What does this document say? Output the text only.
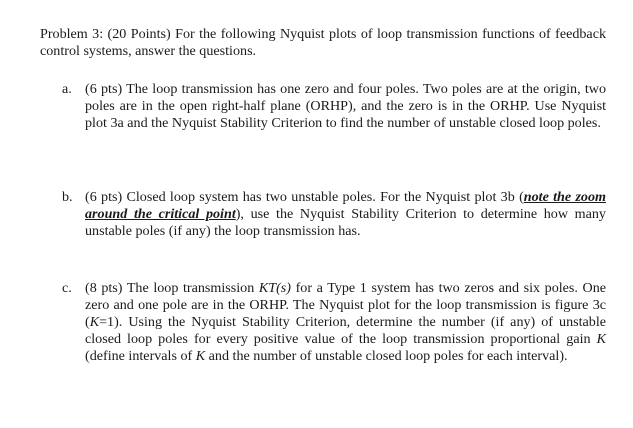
Problem 3: (20 Points) For the following Nyquist plots of loop transmission functions of feedback control systems, answer the questions.

a. (6 pts) The loop transmission has one zero and four poles. Two poles are at the origin, two poles are in the open right-half plane (ORHP), and the zero is in the ORHP. Use Nyquist plot 3a and the Nyquist Stability Criterion to find the number of unstable closed loop poles.
b. (6 pts) Closed loop system has two unstable poles. For the Nyquist plot 3b (note the zoom around the critical point), use the Nyquist Stability Criterion to determine how many unstable poles (if any) the loop transmission has.
c. (8 pts) The loop transmission KT(s) for a Type 1 system has two zeros and six poles. One zero and one pole are in the ORHP. The Nyquist plot for the loop transmission is figure 3c (K=1). Using the Nyquist Stability Criterion, determine the number (if any) of unstable closed loop poles for every positive value of the loop transmission proportional gain K (define intervals of K and the number of unstable closed loop poles for each interval).
